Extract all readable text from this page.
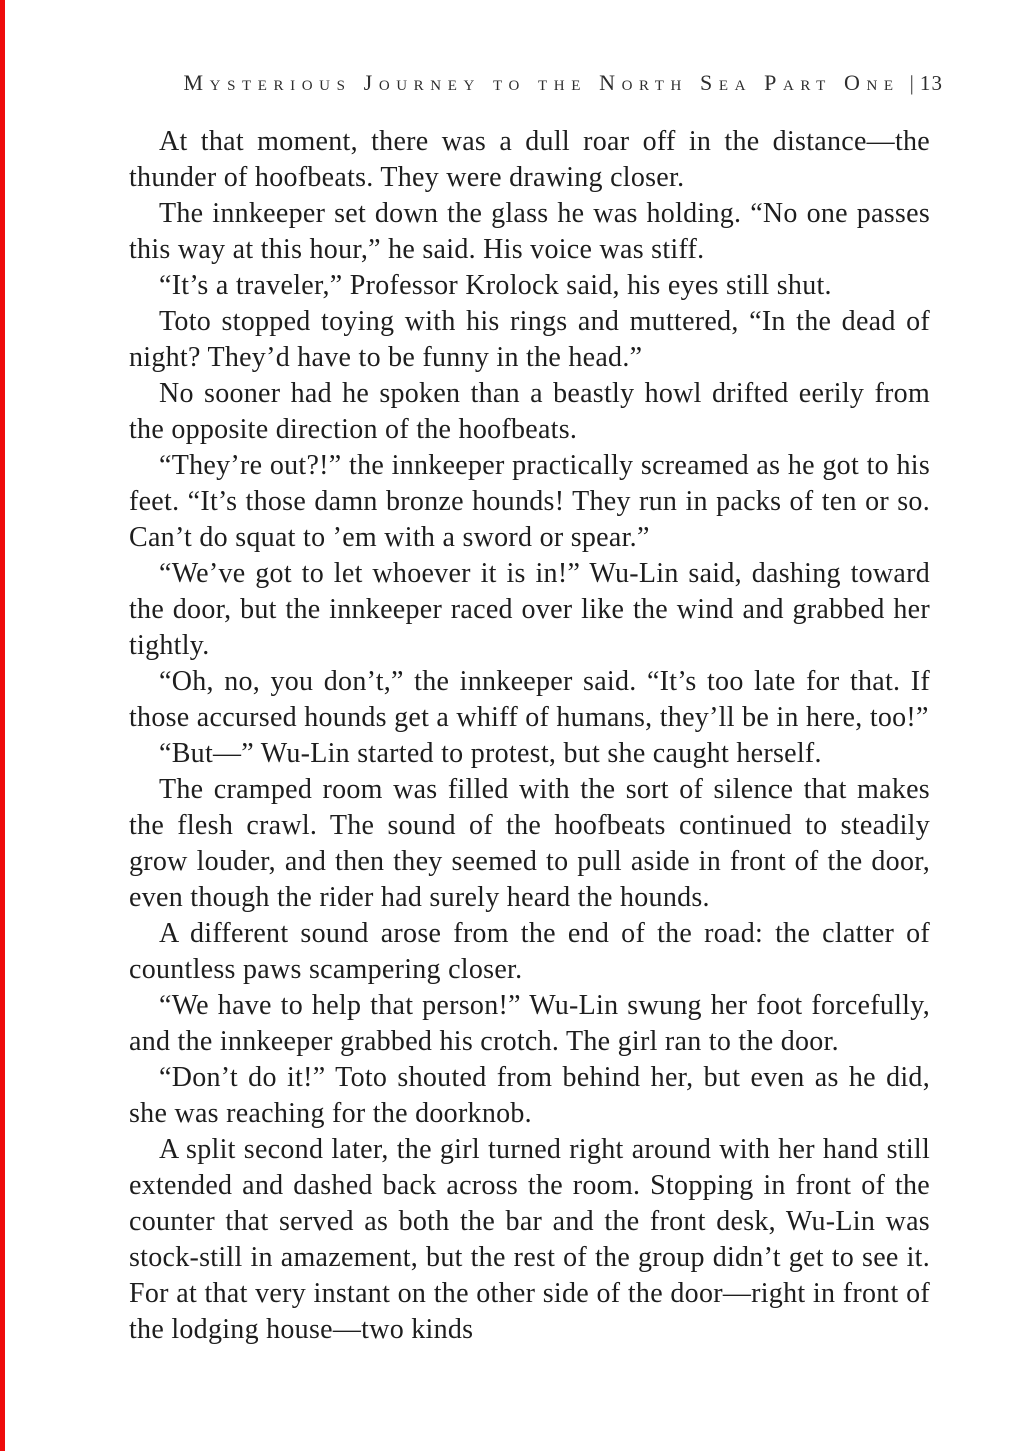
Mysterious Journey to the North Sea Part One | 13

At that moment, there was a dull roar off in the distance—the thunder of hoofbeats. They were drawing closer.

The innkeeper set down the glass he was holding. “No one passes this way at this hour,” he said. His voice was stiff.

“It’s a traveler,” Professor Krolock said, his eyes still shut.

Toto stopped toying with his rings and muttered, “In the dead of night? They’d have to be funny in the head.”

No sooner had he spoken than a beastly howl drifted eerily from the opposite direction of the hoofbeats.

“They’re out?!” the innkeeper practically screamed as he got to his feet. “It’s those damn bronze hounds! They run in packs of ten or so. Can’t do squat to ’em with a sword or spear.”

“We’ve got to let whoever it is in!” Wu-Lin said, dashing toward the door, but the innkeeper raced over like the wind and grabbed her tightly.

“Oh, no, you don’t,” the innkeeper said. “It’s too late for that. If those accursed hounds get a whiff of humans, they’ll be in here, too!”

“But—” Wu-Lin started to protest, but she caught herself.

The cramped room was filled with the sort of silence that makes the flesh crawl. The sound of the hoofbeats continued to steadily grow louder, and then they seemed to pull aside in front of the door, even though the rider had surely heard the hounds.

A different sound arose from the end of the road: the clatter of countless paws scampering closer.

“We have to help that person!” Wu-Lin swung her foot forcefully, and the innkeeper grabbed his crotch. The girl ran to the door.

“Don’t do it!” Toto shouted from behind her, but even as he did, she was reaching for the doorknob.

A split second later, the girl turned right around with her hand still extended and dashed back across the room. Stopping in front of the counter that served as both the bar and the front desk, Wu-Lin was stock-still in amazement, but the rest of the group didn’t get to see it. For at that very instant on the other side of the door—right in front of the lodging house—two kinds
